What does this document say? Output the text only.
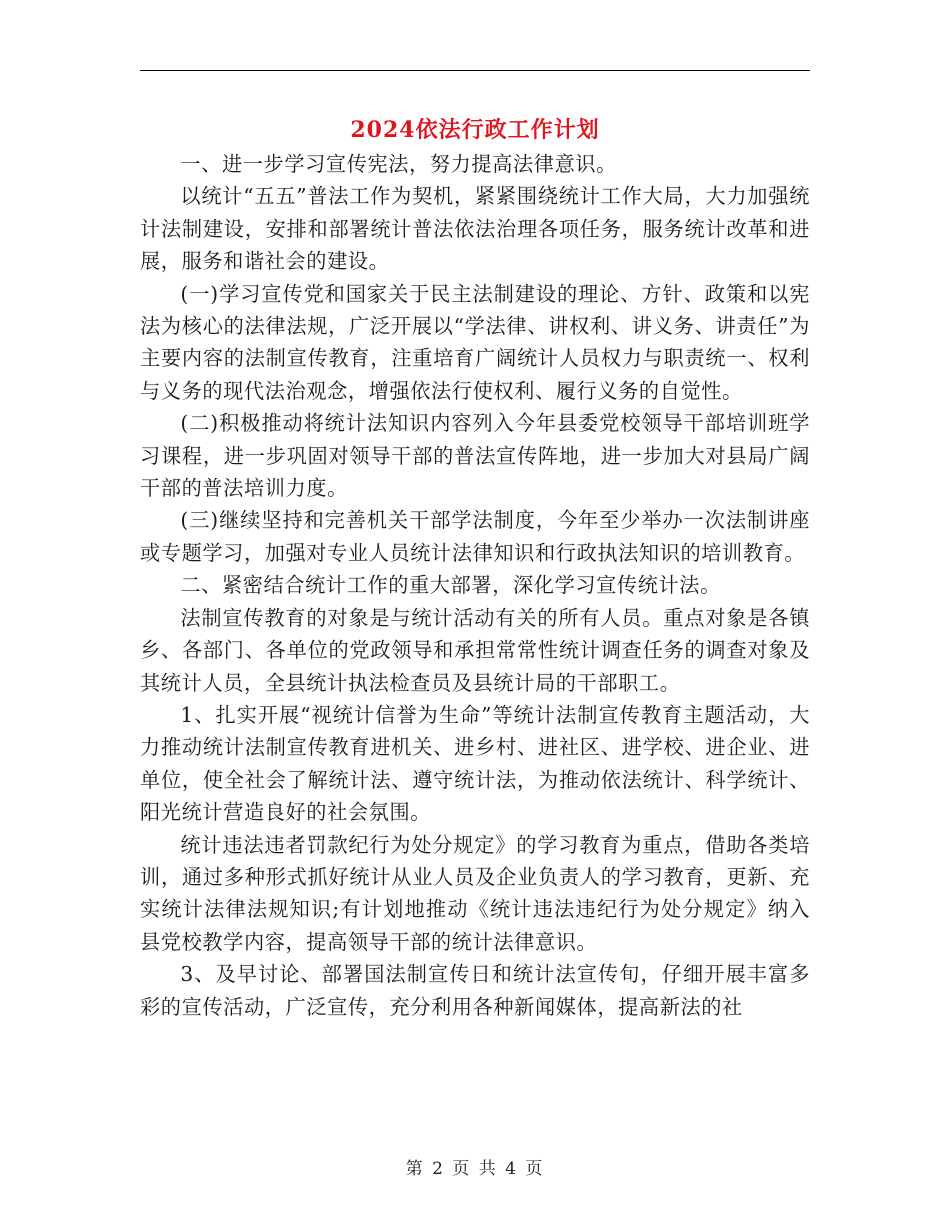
2024依法行政工作计划

一、进一步学习宣传宪法，努力提高法律意识。

以统计“五五”普法工作为契机，紧紧围绕统计工作大局，大力加强统计法制建设，安排和部署统计普法依法治理各项任务，服务统计改革和进展，服务和谐社会的建设。

(一)学习宣传党和国家关于民主法制建设的理论、方针、政策和以宪法为核心的法律法规，广泛开展以“学法律、讲权利、讲义务、讲责任”为主要内容的法制宣传教育，注重培育广阔统计人员权力与职责统一、权利与义务的现代法治观念，增强依法行使权利、履行义务的自觉性。

(二)积极推动将统计法知识内容列入今年县委党校领导干部培训班学习课程，进一步巩固对领导干部的普法宣传阵地，进一步加大对县局广阔干部的普法培训力度。

(三)继续坚持和完善机关干部学法制度，今年至少举办一次法制讲座或专题学习，加强对专业人员统计法律知识和行政执法知识的培训教育。

二、紧密结合统计工作的重大部署，深化学习宣传统计法。

法制宣传教育的对象是与统计活动有关的所有人员。重点对象是各镇乡、各部门、各单位的党政领导和承担常常性统计调查任务的调查对象及其统计人员，全县统计执法检查员及县统计局的干部职工。

1、扎实开展“视统计信誉为生命”等统计法制宣传教育主题活动，大力推动统计法制宣传教育进机关、进乡村、进社区、进学校、进企业、进单位，使全社会了解统计法、遵守统计法，为推动依法统计、科学统计、阳光统计营造良好的社会氛围。

统计违法违者罚款纪行为处分规定》的学习教育为重点，借助各类培训，通过多种形式抓好统计从业人员及企业负责人的学习教育，更新、充实统计法律法规知识;有计划地推动《统计违法违纪行为处分规定》纳入县党校教学内容，提高领导干部的统计法律意识。

3、及早讨论、部署国法制宣传日和统计法宣传旬，仔细开展丰富多彩的宣传活动，广泛宣传，充分利用各种新闻媒体，提高新法的社

第 2 页 共 4 页
